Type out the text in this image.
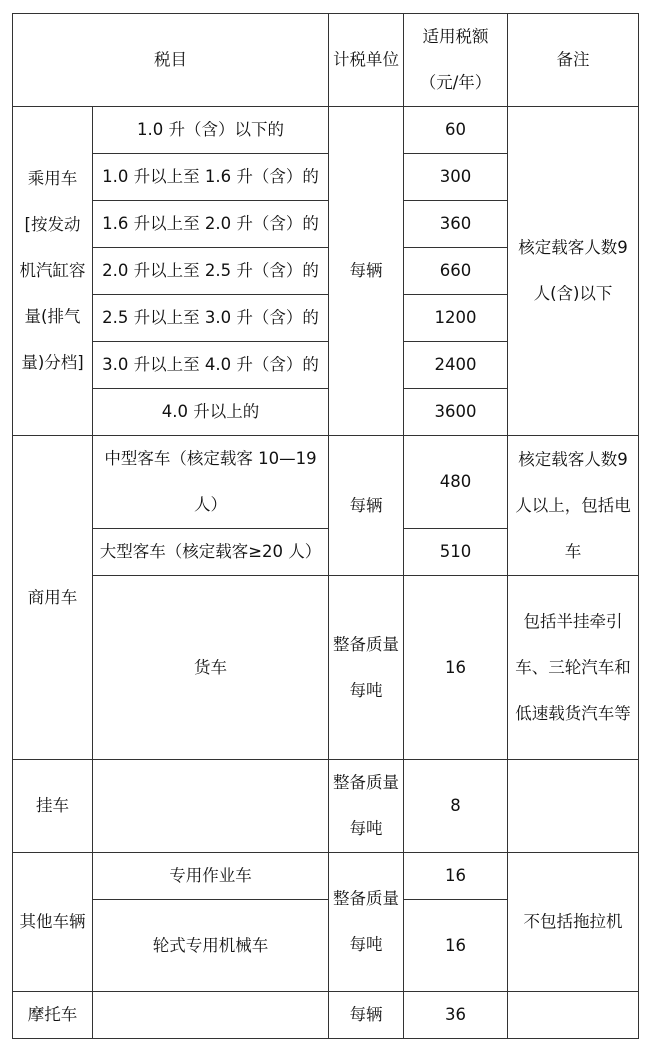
税目		计税单位	适用税额（元/年）	备注
乘用车[按发动机汽缸容量(排气量)分档]	1.0 升（含）以下的	每辆	60	核定载客人数9人(含)以下
	1.0 升以上至 1.6 升（含）的		300	
	1.6 升以上至 2.0 升（含）的		360	
	2.0 升以上至 2.5 升（含）的		660	
	2.5 升以上至 3.0 升（含）的		1200	
	3.0 升以上至 4.0 升（含）的		2400	
	4.0 升以上的		3600	
商用车	中型客车（核定载客 10—19 人）	每辆	480	核定载客人数9人以上，包括电车
	大型客车（核定载客≥20 人）		510	
	货车	整备质量每吨	16	包括半挂牵引车、三轮汽车和低速载货汽车等
挂车		整备质量每吨	8	
其他车辆	专用作业车	整备质量每吨	16	不包括拖拉机
	轮式专用机械车		16	
摩托车		每辆	36	
